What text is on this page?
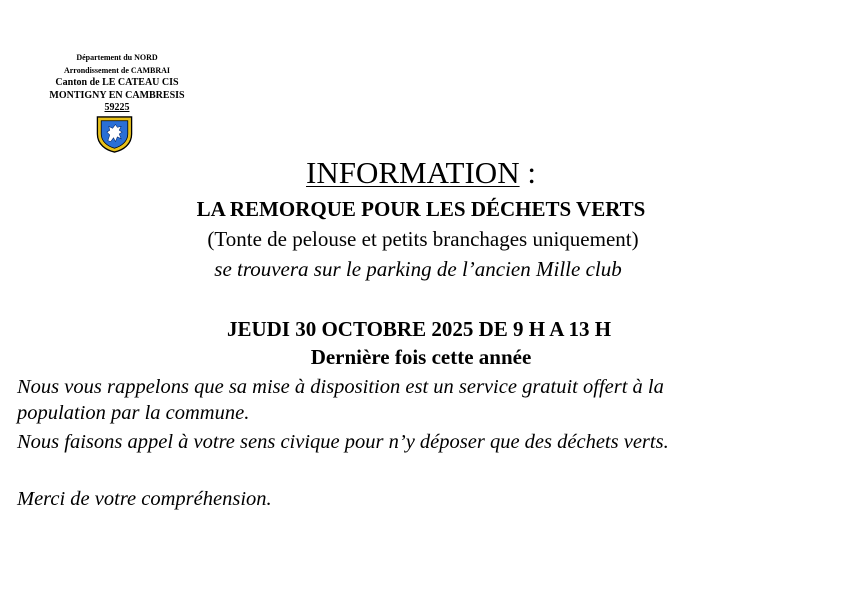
Département du NORD
Arrondissement de CAMBRAI
Canton de LE CATEAU CIS
MONTIGNY EN CAMBRESIS
59225
INFORMATION :
LA REMORQUE POUR LES DÉCHETS VERTS
(Tonte de pelouse et petits branchages uniquement)
se trouvera sur le parking de l’ancien Mille club
JEUDI 30 OCTOBRE 2025 DE 9 H A 13 H
Dernière fois cette année
Nous vous rappelons que sa mise à disposition est un service gratuit offert à la
population par la commune.
Nous faisons appel à votre sens civique pour n’y déposer que des déchets verts.
Merci de votre compréhension.
